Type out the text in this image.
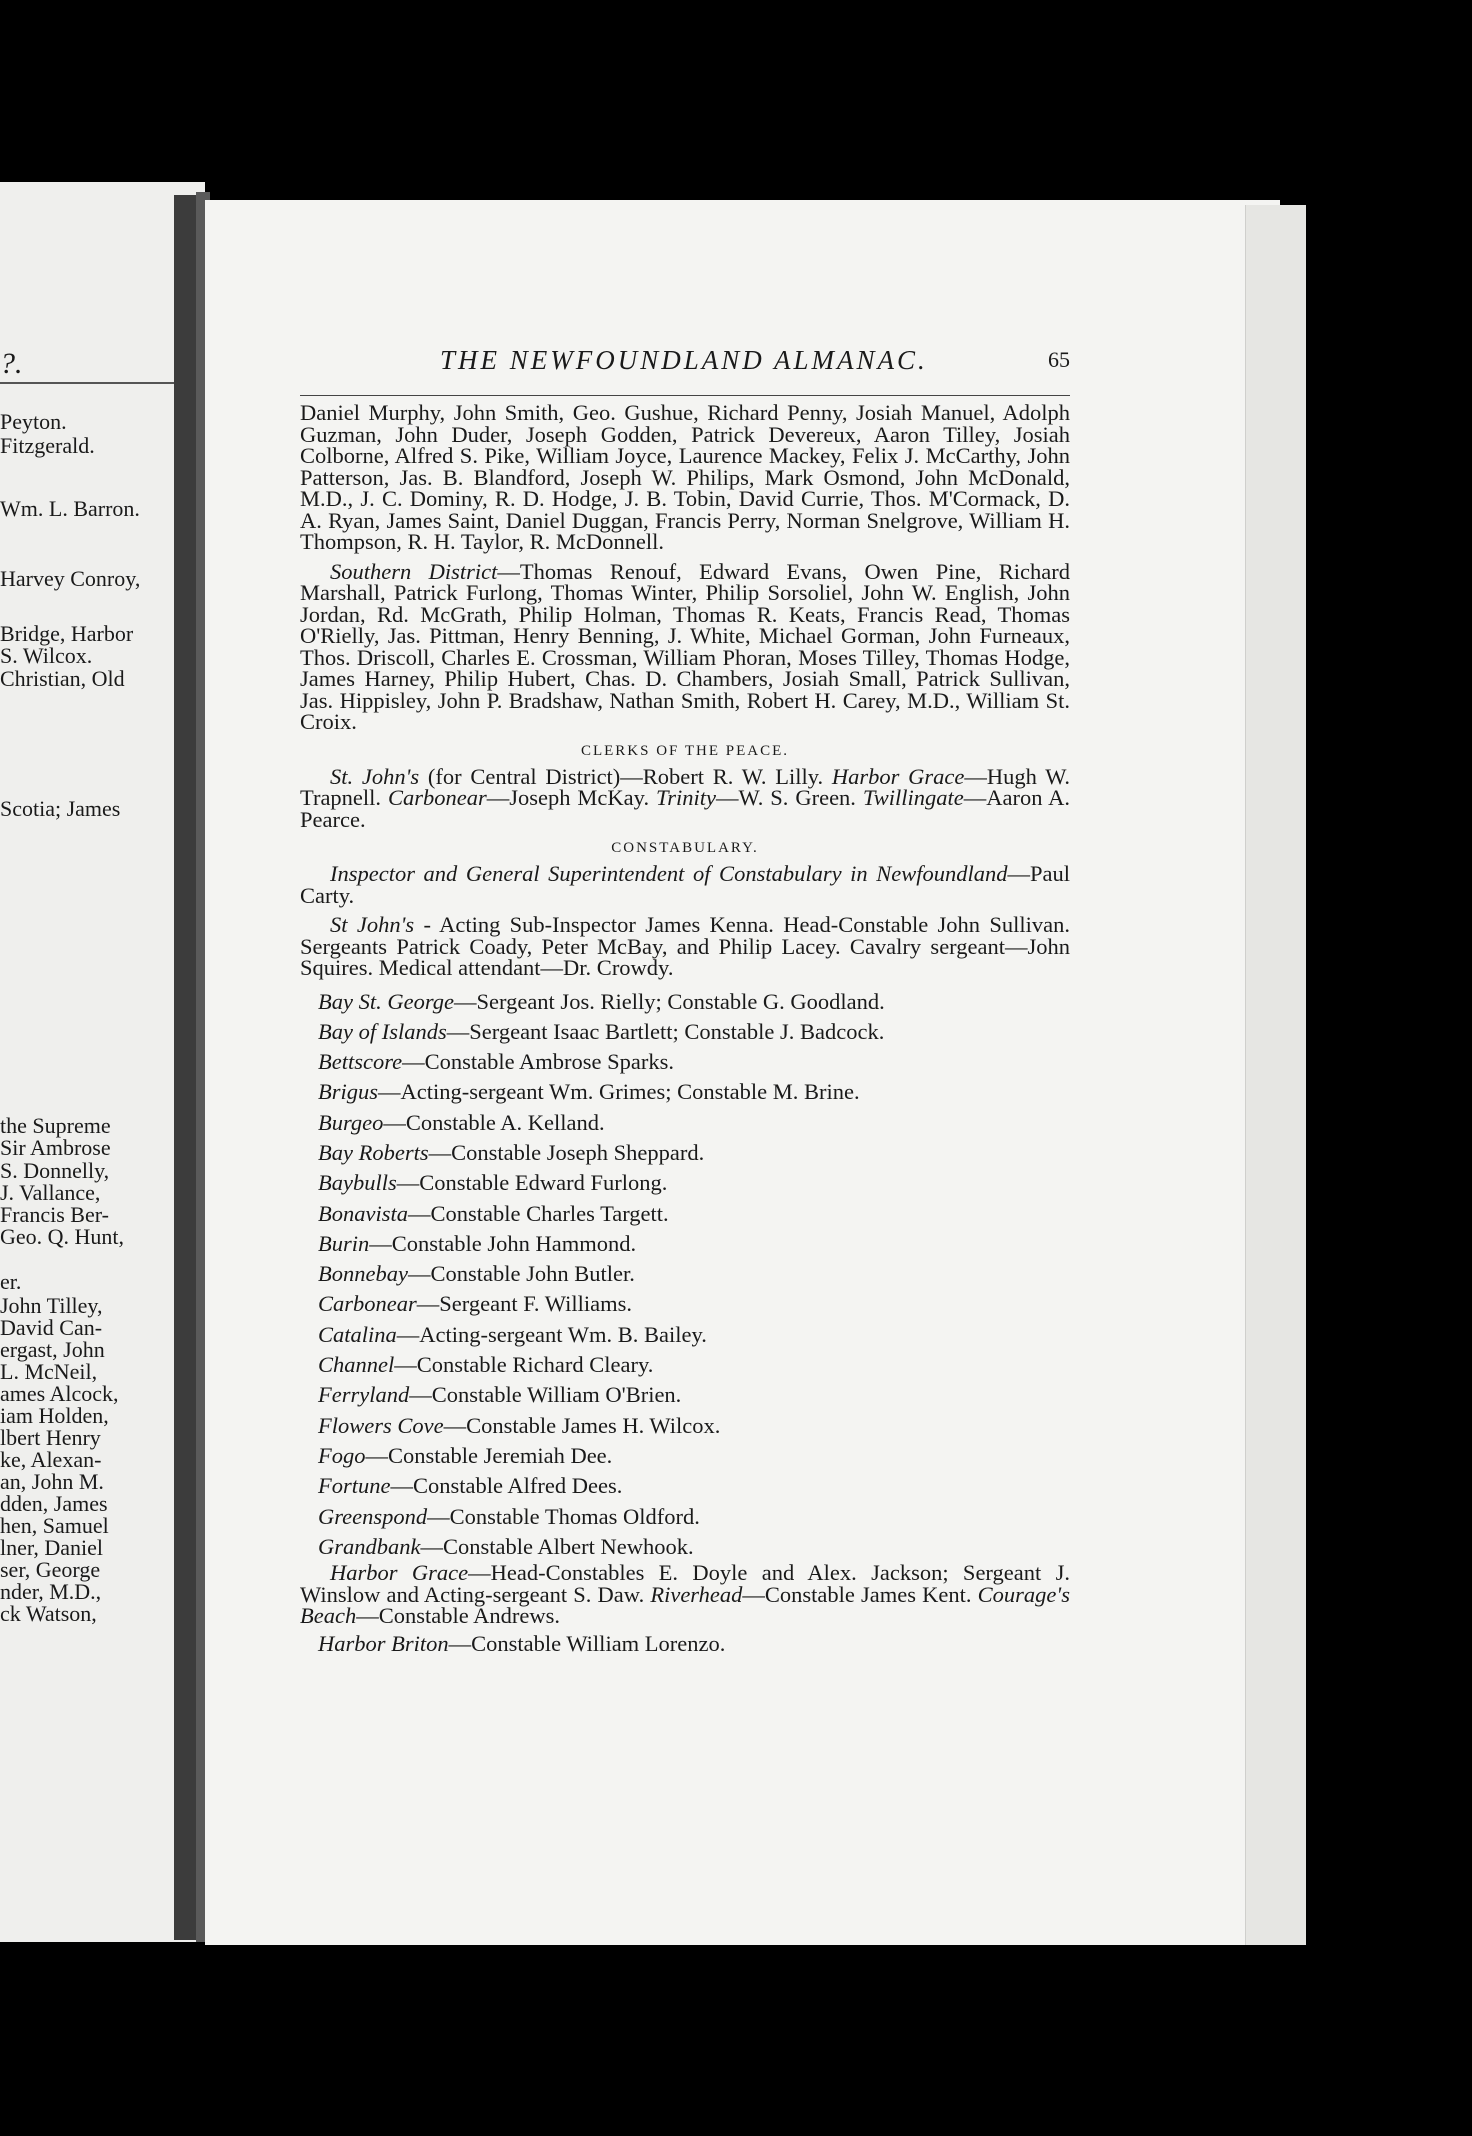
?.
Peyton.
Fitzgerald.
Wm. L. Barron.
Harvey Conroy,
Bridge, Harbor
S. Wilcox.
Christian, Old
Scotia; James
the Supreme
Sir Ambrose
S. Donnelly,
J. Vallance,
Francis Ber-
Geo. Q. Hunt,
er.
John Tilley,
David Can-
ergast, John
L. McNeil,
ames Alcock,
iam Holden,
lbert Henry
ke, Alexan-
an, John M.
dden, James
hen, Samuel
lner, Daniel
ser, George
nder, M.D.,
ck Watson,
THE NEWFOUNDLAND ALMANAC.	65

Daniel Murphy, John Smith, Geo. Gushue, Richard Penny, Josiah Manuel, Adolph Guzman, John Duder, Joseph Godden, Patrick Devereux, Aaron Tilley, Josiah Colborne, Alfred S. Pike, William Joyce, Laurence Mackey, Felix J. McCarthy, John Patterson, Jas. B. Blandford, Joseph W. Philips, Mark Osmond, John McDonald, M.D., J. C. Dominy, R. D. Hodge, J. B. Tobin, David Currie, Thos. M'Cormack, D. A. Ryan, James Saint, Daniel Duggan, Francis Perry, Norman Snelgrove, William H. Thompson, R. H. Taylor, R. McDonnell.

Southern District—Thomas Renouf, Edward Evans, Owen Pine, Richard Marshall, Patrick Furlong, Thomas Winter, Philip Sorsoliel, John W. English, John Jordan, Rd. McGrath, Philip Holman, Thomas R. Keats, Francis Read, Thomas O'Rielly, Jas. Pittman, Henry Benning, J. White, Michael Gorman, John Furneaux, Thos. Driscoll, Charles E. Crossman, William Phoran, Moses Tilley, Thomas Hodge, James Harney, Philip Hubert, Chas. D. Chambers, Josiah Small, Patrick Sullivan, Jas. Hippisley, John P. Bradshaw, Nathan Smith, Robert H. Carey, M.D., William St. Croix.

CLERKS OF THE PEACE.

St. John's (for Central District)—Robert R. W. Lilly. Harbor Grace—Hugh W. Trapnell. Carbonear—Joseph McKay. Trinity—W. S. Green. Twillingate—Aaron A. Pearce.

CONSTABULARY.

Inspector and General Superintendent of Constabulary in Newfoundland—Paul Carty.

St John's - Acting Sub-Inspector James Kenna. Head-Constable John Sullivan. Sergeants Patrick Coady, Peter McBay, and Philip Lacey. Cavalry sergeant—John Squires. Medical attendant—Dr. Crowdy.

Bay St. George—Sergeant Jos. Rielly; Constable G. Goodland.

Bay of Islands—Sergeant Isaac Bartlett; Constable J. Badcock.

Bettscore—Constable Ambrose Sparks.

Brigus—Acting-sergeant Wm. Grimes; Constable M. Brine.

Burgeo—Constable A. Kelland.

Bay Roberts—Constable Joseph Sheppard.

Baybulls—Constable Edward Furlong.

Bonavista—Constable Charles Targett.

Burin—Constable John Hammond.

Bonnebay—Constable John Butler.

Carbonear—Sergeant F. Williams.

Catalina—Acting-sergeant Wm. B. Bailey.

Channel—Constable Richard Cleary.

Ferryland—Constable William O'Brien.

Flowers Cove—Constable James H. Wilcox.

Fogo—Constable Jeremiah Dee.

Fortune—Constable Alfred Dees.

Greenspond—Constable Thomas Oldford.

Grandbank—Constable Albert Newhook.

Harbor Grace—Head-Constables E. Doyle and Alex. Jackson; Sergeant J. Winslow and Acting-sergeant S. Daw. Riverhead—Constable James Kent. Courage's Beach—Constable Andrews.

Harbor Briton—Constable William Lorenzo.
